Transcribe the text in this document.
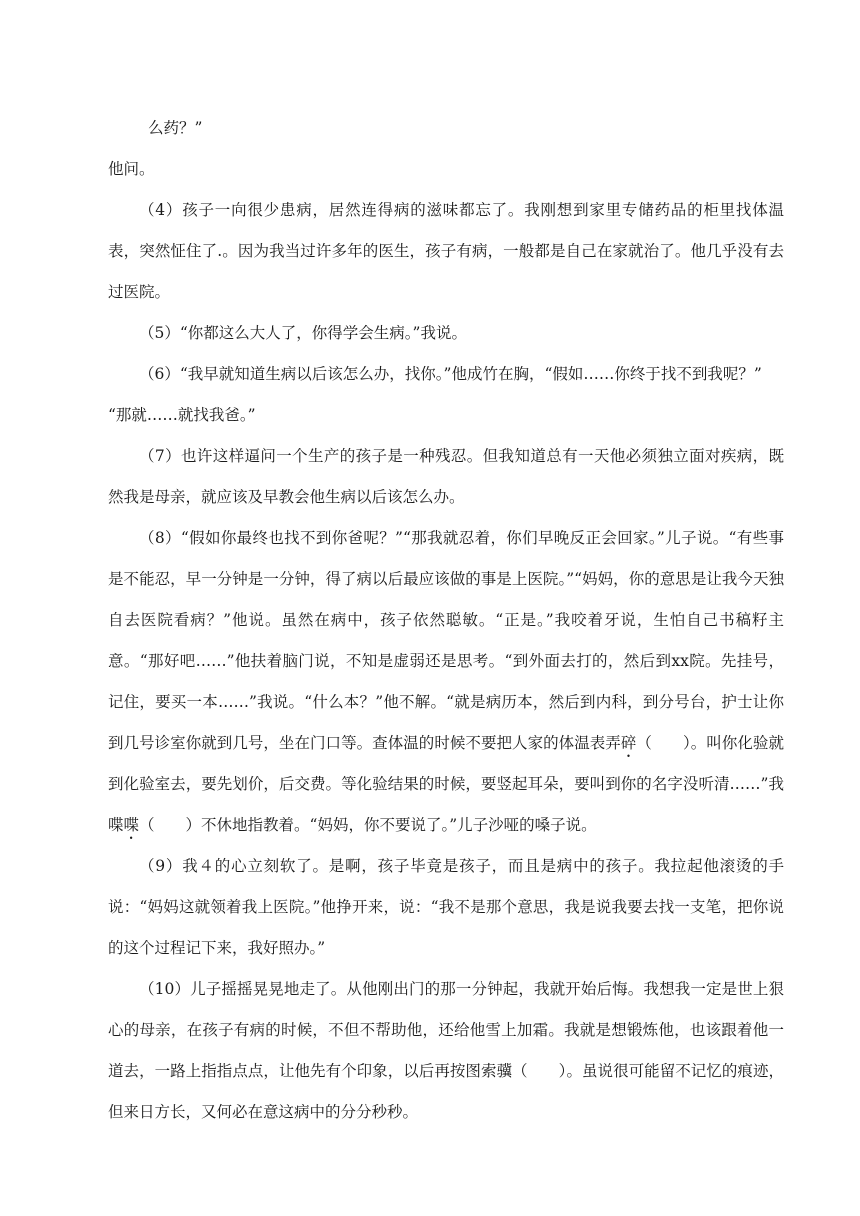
么药？”

他问。

（4）孩子一向很少患病，居然连得病的滋味都忘了。我刚想到家里专储药品的柜里找体温表，突然怔住了.。因为我当过许多年的医生，孩子有病，一般都是自己在家就治了。他几乎没有去过医院。

（5）“你都这么大人了，你得学会生病。”我说。

（6）“我早就知道生病以后该怎么办，找你。”他成竹在胸，“假如……你终于找不到我呢？”

“那就……就找我爸。”

（7）也许这样逼问一个生产的孩子是一种残忍。但我知道总有一天他必须独立面对疾病，既然我是母亲，就应该及早教会他生病以后该怎么办。

（8）“假如你最终也找不到你爸呢？”“那我就忍着，你们早晚反正会回家。”儿子说。“有些事是不能忍，早一分钟是一分钟，得了病以后最应该做的事是上医院。”“妈妈，你的意思是让我今天独自去医院看病？”他说。虽然在病中，孩子依然聪敏。“正是。”我咬着牙说，生怕自己书稿籽主意。“那好吧……”他扶着脑门说，不知是虚弱还是思考。“到外面去打的，然后到xx院。先挂号，记住，要买一本……”我说。“什么本？”他不解。“就是病历本，然后到内科，到分号台，护士让你到几号诊室你就到几号，坐在门口等。查体温的时候不要把人家的体温表弄碎（　　）。叫你化验就到化验室去，要先划价，后交费。等化验结果的时候，要竖起耳朵，要叫到你的名字没听清……”我喋喋（　　）不休地指教着。“妈妈，你不要说了。”儿子沙哑的嗓子说。

（9）我４的心立刻软了。是啊，孩子毕竟是孩子，而且是病中的孩子。我拉起他滚烫的手说：“妈妈这就领着我上医院。”他挣开来，说：“我不是那个意思，我是说我要去找一支笔，把你说的这个过程记下来，我好照办。”

（10）儿子摇摇晃晃地走了。从他刚出门的那一分钟起，我就开始后悔。我想我一定是世上狠心的母亲，在孩子有病的时候，不但不帮助他，还给他雪上加霜。我就是想锻炼他，也该跟着他一道去，一路上指指点点，让他先有个印象，以后再按图索骥（　　）。虽说很可能留不记忆的痕迹，但来日方长，又何必在意这病中的分分秒秒。
